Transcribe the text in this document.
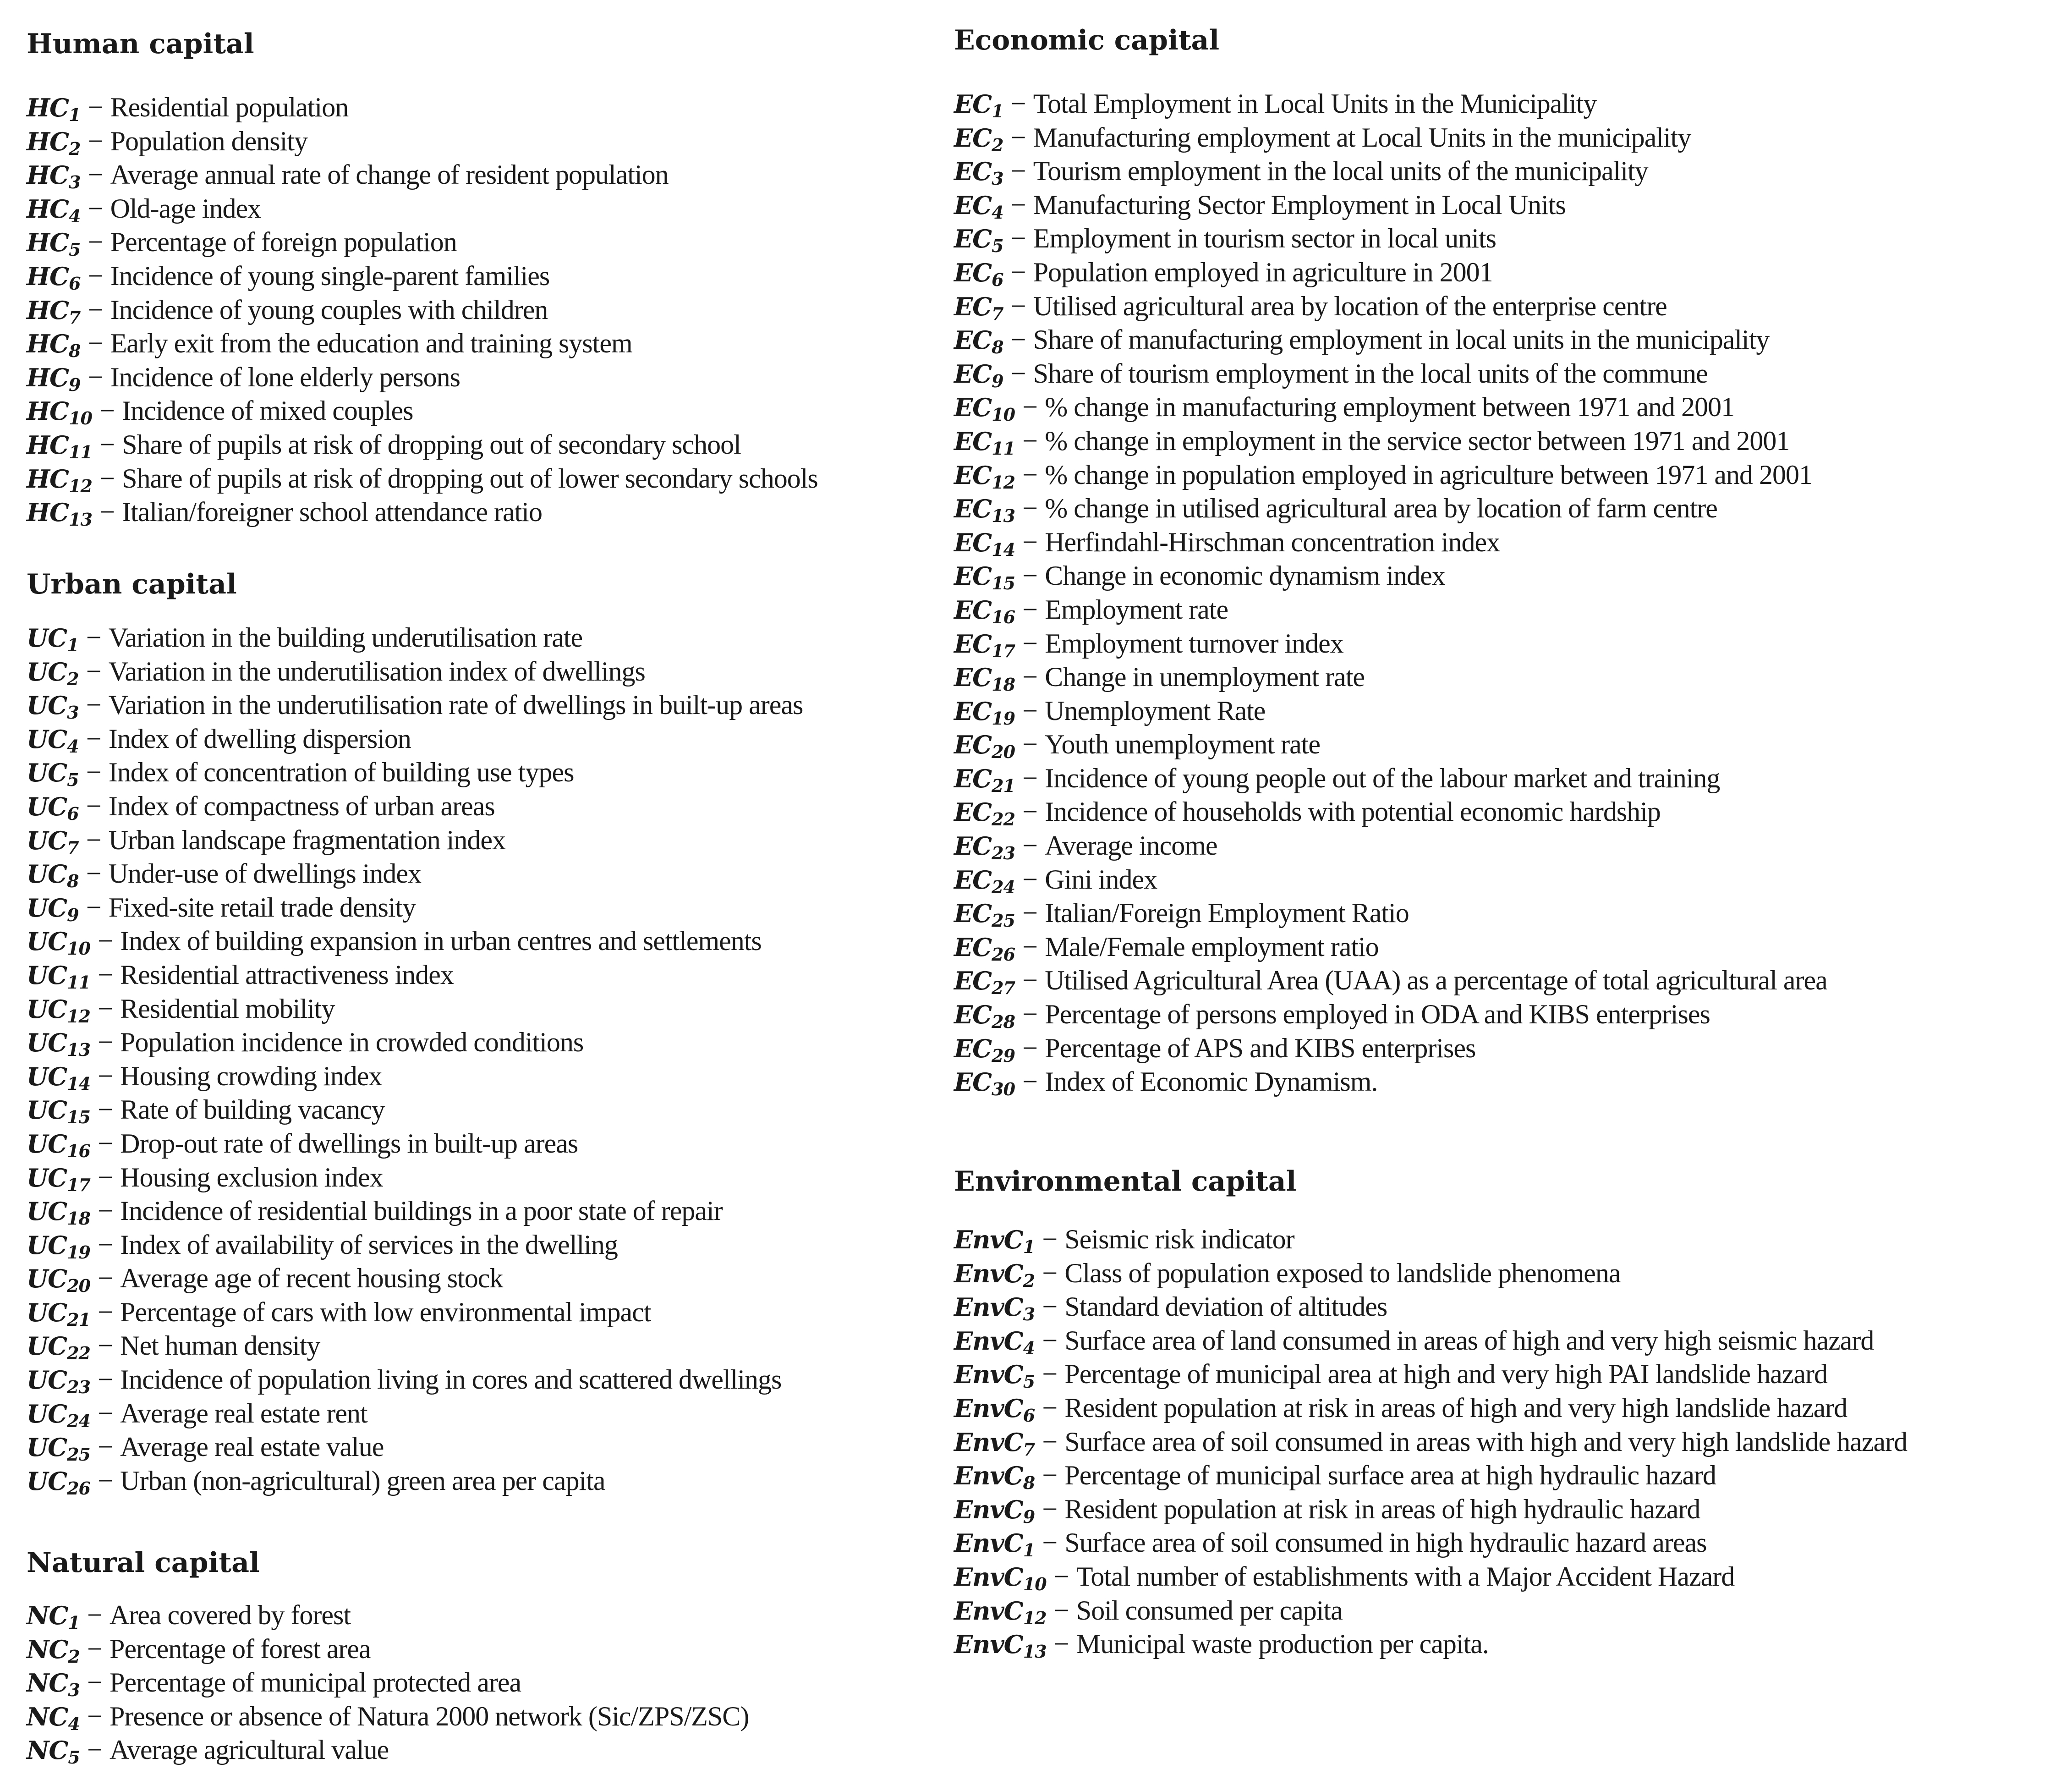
Human capital
$HC_1$ − Residential population
$HC_2$ − Population density
$HC_3$ − Average annual rate of change of resident population
$HC_4 - Old-age$ index
$HC_5$ − Percentage of foreign population
$HC_6$ − Incidence of young single-parent families
$HC_7$ − Incidence of young couples with children
$HC_8$ − Early exit from the education and training system
$HC_9$ − Incidence of lone elderly persons
$HC_{10}$ − Incidence of mixed couples
$HC_{11}$ − Share of pupils at risk of dropping out of secondary school
$HC_{12}$ − Share of pupils at risk of dropping out of lower secondary schools
$HC_{13}$ − Italian/foreigner school attendance ratio
Urban capital
$UC_1$ − Variation in the building underutilisation rate
$UC_2$ − Variation in the underutilisation index of dwellings
$UC_3$ − Variation in the underutilisation rate of dwellings in built-up areas
$UC_4$ − Index of dwelling dispersion
$UC_5$ − Index of concentration of building use types
$UC_6$ − Index of compactness of urban areas
$UC_7$ − Urban landscape fragmentation index
$UC_8$ − Under-use of dwellings index
$UC_9$ − Fixed-site retail trade density
$UC_{10}$ − Index of building expansion in urban centres and settlements
$UC_{11}$ − Residential attractiveness index
$UC_{12}$ − Residential mobility
$UC_{13}$ − Population incidence in crowded conditions
$UC_{14} - Housing$ crowding index
$UC_{15}$ − Rate of building vacancy
$UC_{16}$ − Drop-out rate of dwellings in built-up areas
$UC_{17} - Housing$ exclusion index
$UC_{18}$ − Incidence of residential buildings in a poor state of repair
$UC_{19}$ − Index of availability of services in the dwelling
$UC_{20}$ − Average age of recent housing stock
$UC_{21}$ − Percentage of cars with low environmental impact
$UC_{22}$ − Net human density
$UC_{23}$ − Incidence of population living in cores and scattered dwellings
$UC_{24}$ − Average real estate rent
$UC_{25}$ − Average real estate value
$UC_{26}$ − Urban (non-agricultural) green area per capita
Natural capital
$NC_1$ − Area covered by forest
$NC_2$ − Percentage of forest area
$NC_3$ − Percentage of municipal protected area
$NC_4$ − Presence or absence of Natura 2000 network (Sic/ZPS/ZSC)
$NC_5$ − Average agricultural value
Economic capital
$EC_1$ − Total Employment in Local Units in the Municipality
$EC_2$ − Manufacturing employment at Local Units in the municipality
$EC_3$ − Tourism employment in the local units of the municipality
$EC_4$ − Manufacturing Sector Employment in Local Units
$EC_5$ − Employment in tourism sector in local units
$EC_6$ − Population employed in agriculture in 2001
$EC_7$ − Utilised agricultural area by location of the enterprise centre
$EC_8$ − Share of manufacturing employment in local units in the municipality
$EC_9$ − Share of tourism employment in the local units of the commune
$EC_{10}$ − % change in manufacturing employment between 1971 and 2001
$EC_{11}$ − % change in employment in the service sector between 1971 and 2001
$EC_{12}$ − % change in population employed in agriculture between 1971 and 2001
$EC_{13}$ − % change in utilised agricultural area by location of farm centre
$EC_{14}$ − Herfindahl-Hirschman concentration index
$EC_{15}$ − Change in economic dynamism index
$EC_{16}$ − Employment rate
$EC_{17}$ − Employment turnover index
$EC_{18}$ − Change in unemployment rate
$EC_{19}$ − Unemployment Rate
$EC_{20}$ − Youth unemployment rate
$EC_{21}$ − Incidence of young people out of the labour market and training
$EC_{22}$ − Incidence of households with potential economic hardship
$EC_{23}$ − Average income
$EC_{24}$ − Gini index
$EC_{25}$ − Italian/Foreign Employment Ratio
$EC_{26}$ − Male/Female employment ratio
$EC_{27}$ − Utilised Agricultural Area (UAA) as a percentage of total agricultural area
$EC_{28}$ − Percentage of persons employed in ODA and KIBS enterprises
$EC_{29}$ − Percentage of APS and KIBS enterprises
$EC_{30}$ − Index of Economic Dynamism.
Environmental capital
EnvC$_1$ − Seismic risk indicator
EnvC$_2$ − Class of population exposed to landslide phenomena
EnvC$_3$ − Standard deviation of altitudes
EnvC$_4$ − Surface area of land consumed in areas of high and very high seismic hazard
EnvC$_5$ − Percentage of municipal area at high and very high PAI landslide hazard
EnvC$_6$ − Resident population at risk in areas of high and very high landslide hazard
EnvC$_7$ − Surface area of soil consumed in areas with high and very high landslide hazard
EnvC$_8$ − Percentage of municipal surface area at high hydraulic hazard
EnvC$_9$ − Resident population at risk in areas of high hydraulic hazard
EnvC$_1$ − Surface area of soil consumed in high hydraulic hazard areas
EnvC$_{10}$ − Total number of establishments with a Major Accident Hazard
EnvC$_{12}$ − Soil consumed per capita
EnvC$_{13}$ − Municipal waste production per capita.
